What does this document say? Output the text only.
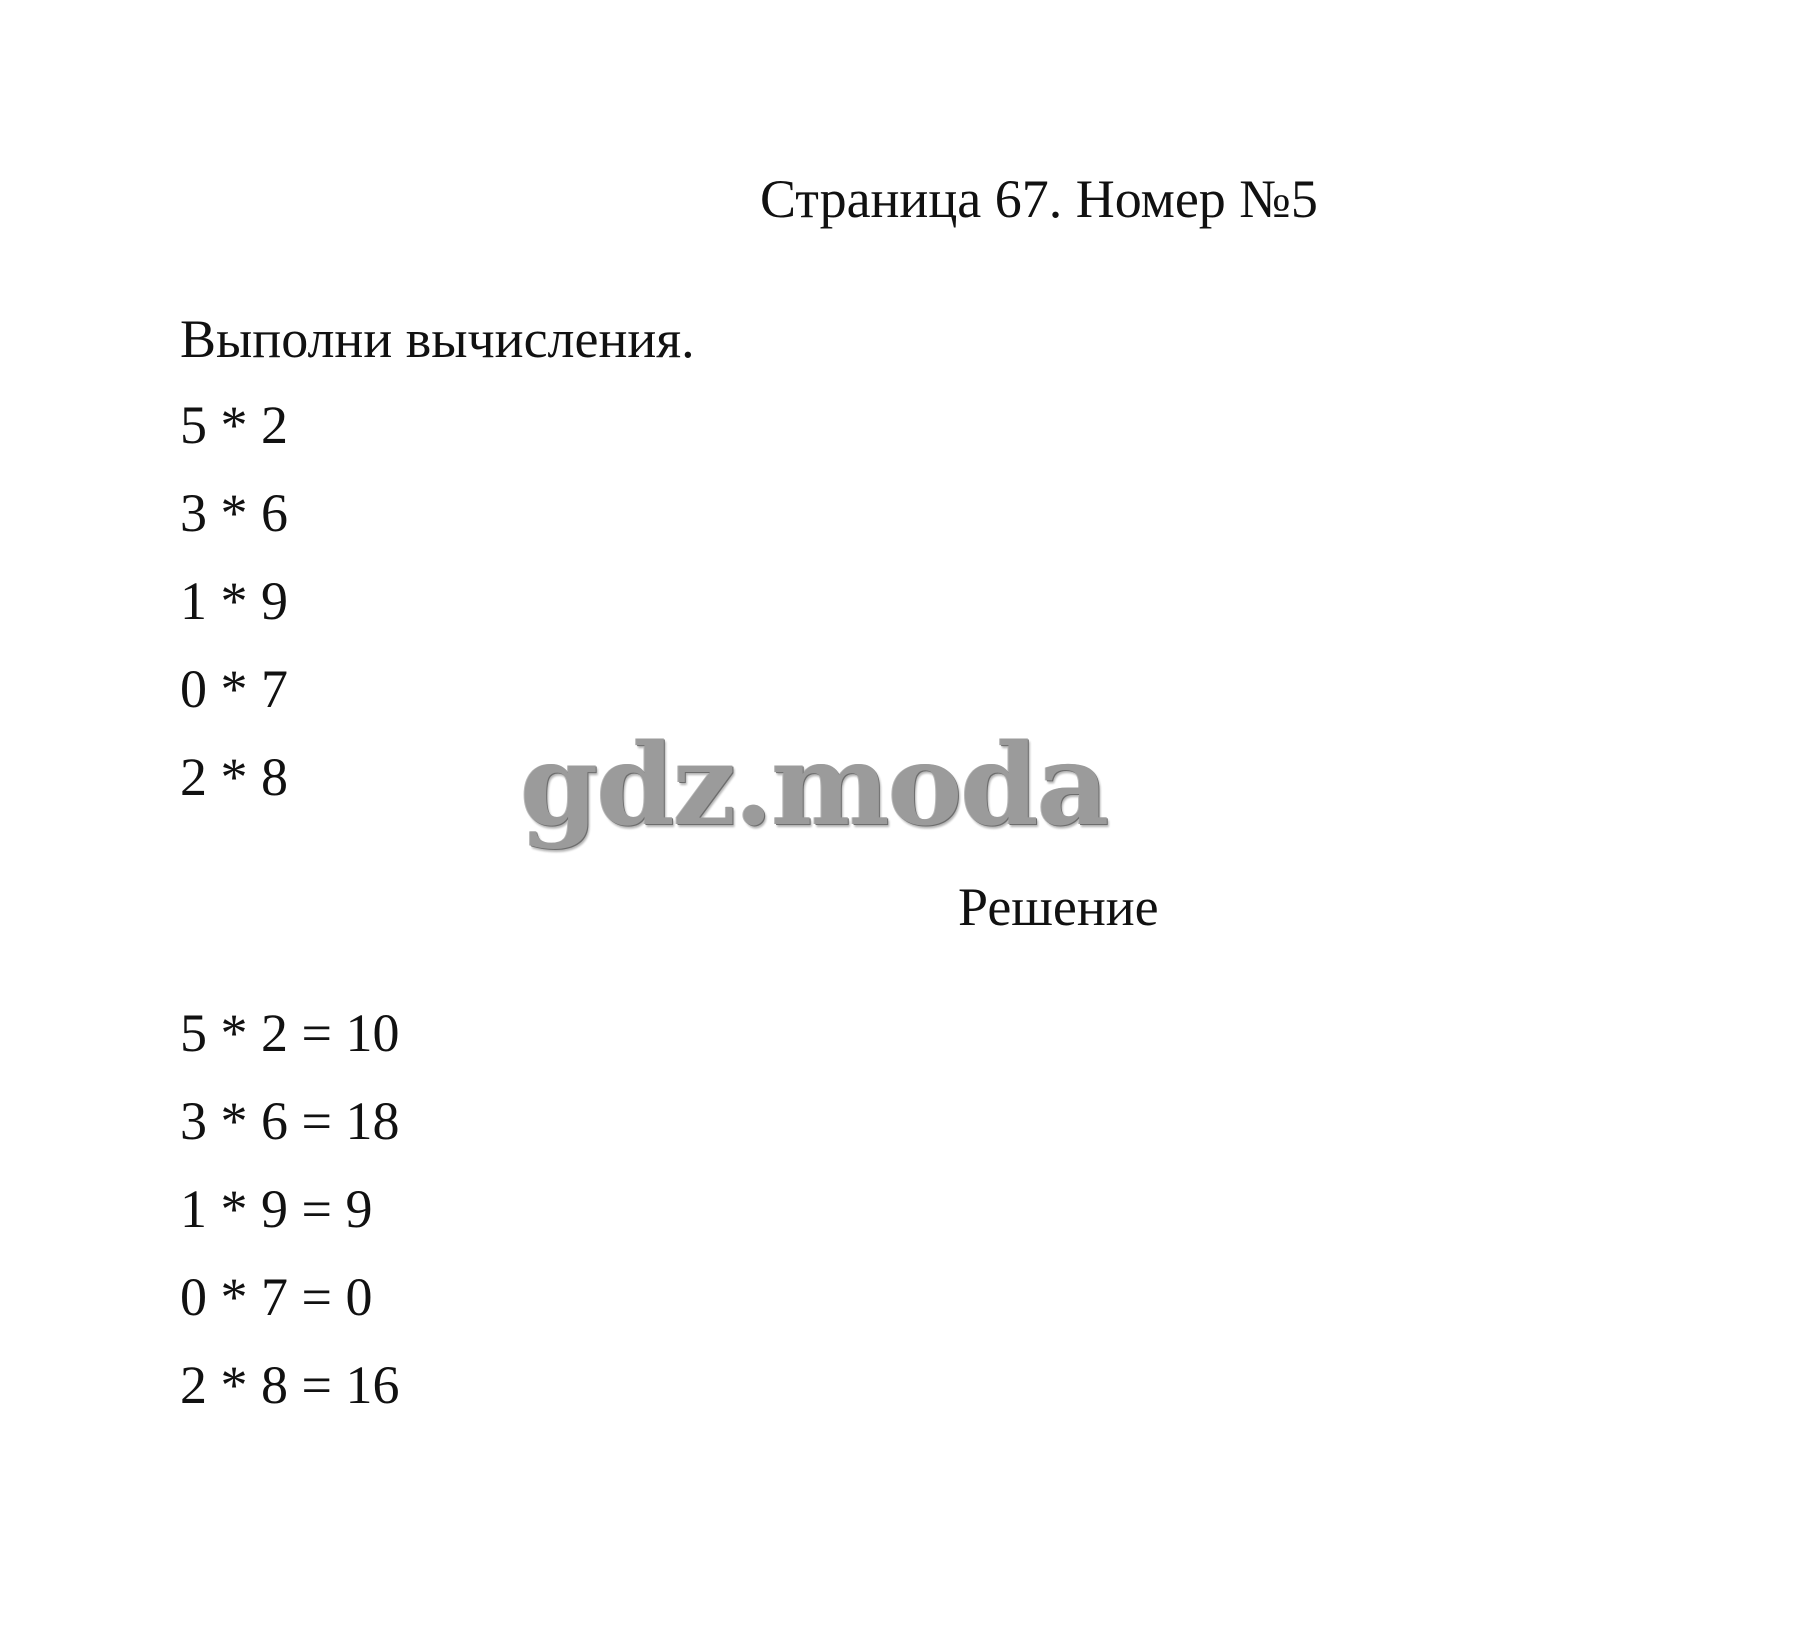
Страница 67. Номер №5
Выполни вычисления.
5 * 2
3 * 6
1 * 9
0 * 7
2 * 8 gdz.moda
Решение
5 * 2 = 10
3 * 6 = 18
1 * 9 = 9
0 * 7 = 0
2 * 8 = 16
